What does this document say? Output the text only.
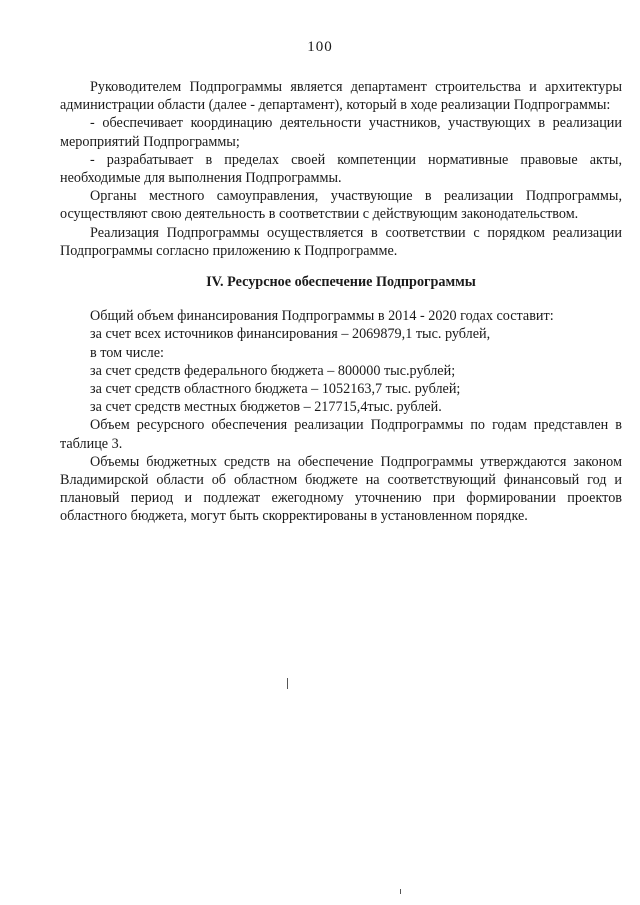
100

Руководителем Подпрограммы является департамент строительства и архитектуры администрации области (далее - департамент), который в ходе реализации Подпрограммы:

- обеспечивает координацию деятельности участников, участвующих в реализации мероприятий Подпрограммы;

- разрабатывает в пределах своей компетенции нормативные правовые акты, необходимые для выполнения Подпрограммы.

Органы местного самоуправления, участвующие в реализации Подпрограммы, осуществляют свою деятельность в соответствии с действующим законодательством.

Реализация Подпрограммы осуществляется в соответствии с порядком реализации Подпрограммы согласно приложению к Подпрограмме.

IV. Ресурсное обеспечение Подпрограммы

Общий объем финансирования Подпрограммы в 2014 - 2020 годах составит:

за счет всех источников финансирования – 2069879,1 тыс. рублей,

в том числе:

за счет средств федерального бюджета – 800000 тыс.рублей;

за счет средств областного бюджета – 1052163,7 тыс. рублей;

за счет средств местных бюджетов – 217715,4тыс. рублей.

Объем ресурсного обеспечения реализации Подпрограммы по годам представлен в таблице 3.

Объемы бюджетных средств на обеспечение Подпрограммы утверждаются законом Владимирской области об областном бюджете на соответствующий финансовый год и плановый период и подлежат ежегодному уточнению при формировании проектов областного бюджета, могут быть скорректированы в установленном порядке.
